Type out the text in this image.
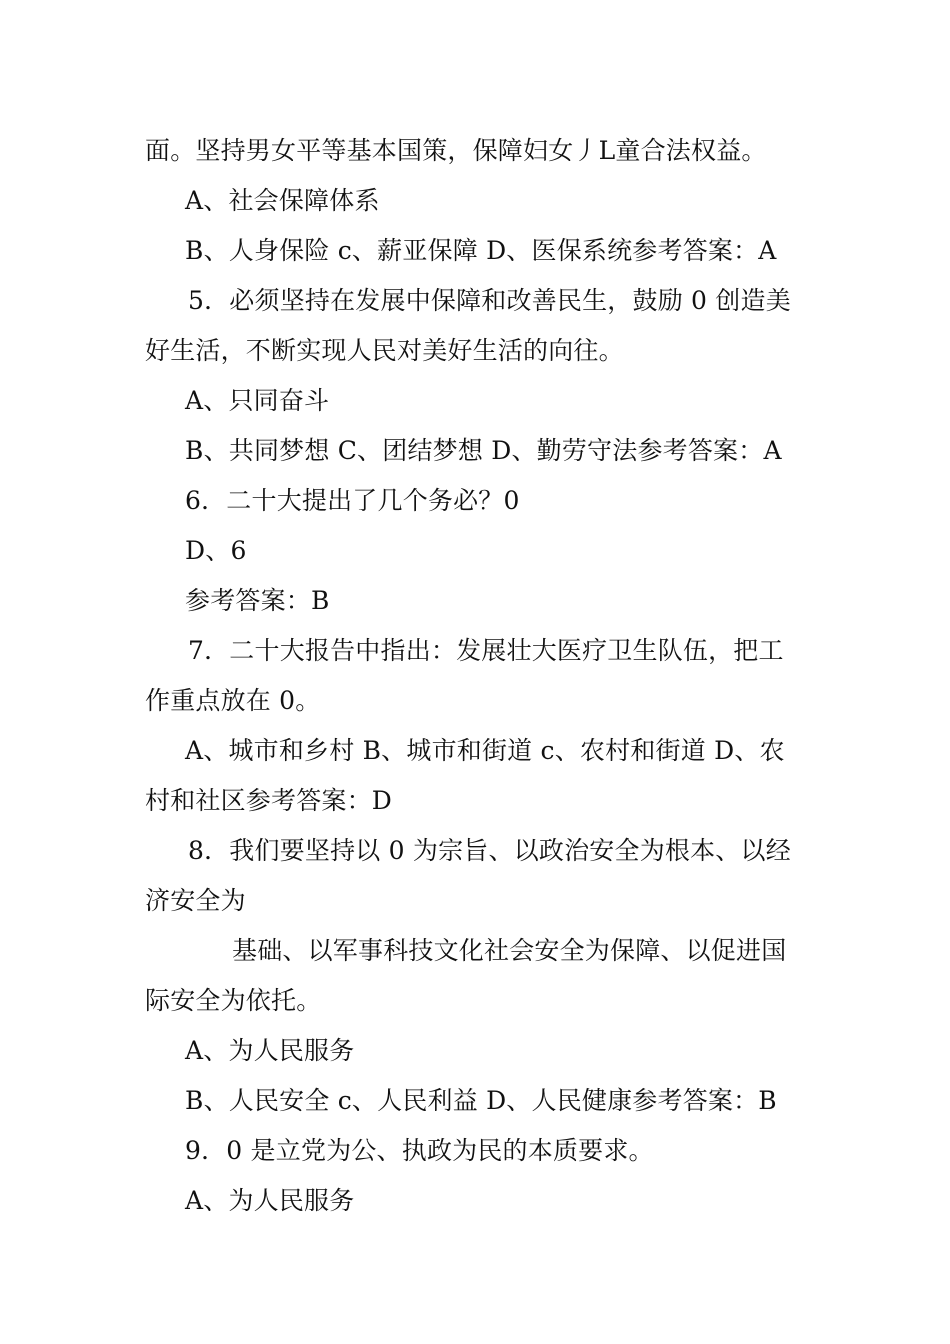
面。坚持男女平等基本国策，保障妇女丿L童合法权益。
A、社会保障体系
B、人身保险 c、薪亚保障 D、医保系统参考答案：A
5．必须坚持在发展中保障和改善民生，鼓励 0 创造美
好生活，不断实现人民对美好生活的向往。
A、只同奋斗
B、共同梦想 C、团结梦想 D、勤劳守法参考答案：A
6．二十大提出了几个务必？0
D、6
参考答案：B
7．二十大报告中指出：发展壮大医疗卫生队伍，把工
作重点放在 0。
A、城市和乡村 B、城市和街道 c、农村和街道 D、农
村和社区参考答案：D
8．我们要坚持以 0 为宗旨、以政治安全为根本、以经
济安全为
基础、以军事科技文化社会安全为保障、以促进国
际安全为依托。
A、为人民服务
B、人民安全 c、人民利益 D、人民健康参考答案：B
9．0 是立党为公、执政为民的本质要求。
A、为人民服务
